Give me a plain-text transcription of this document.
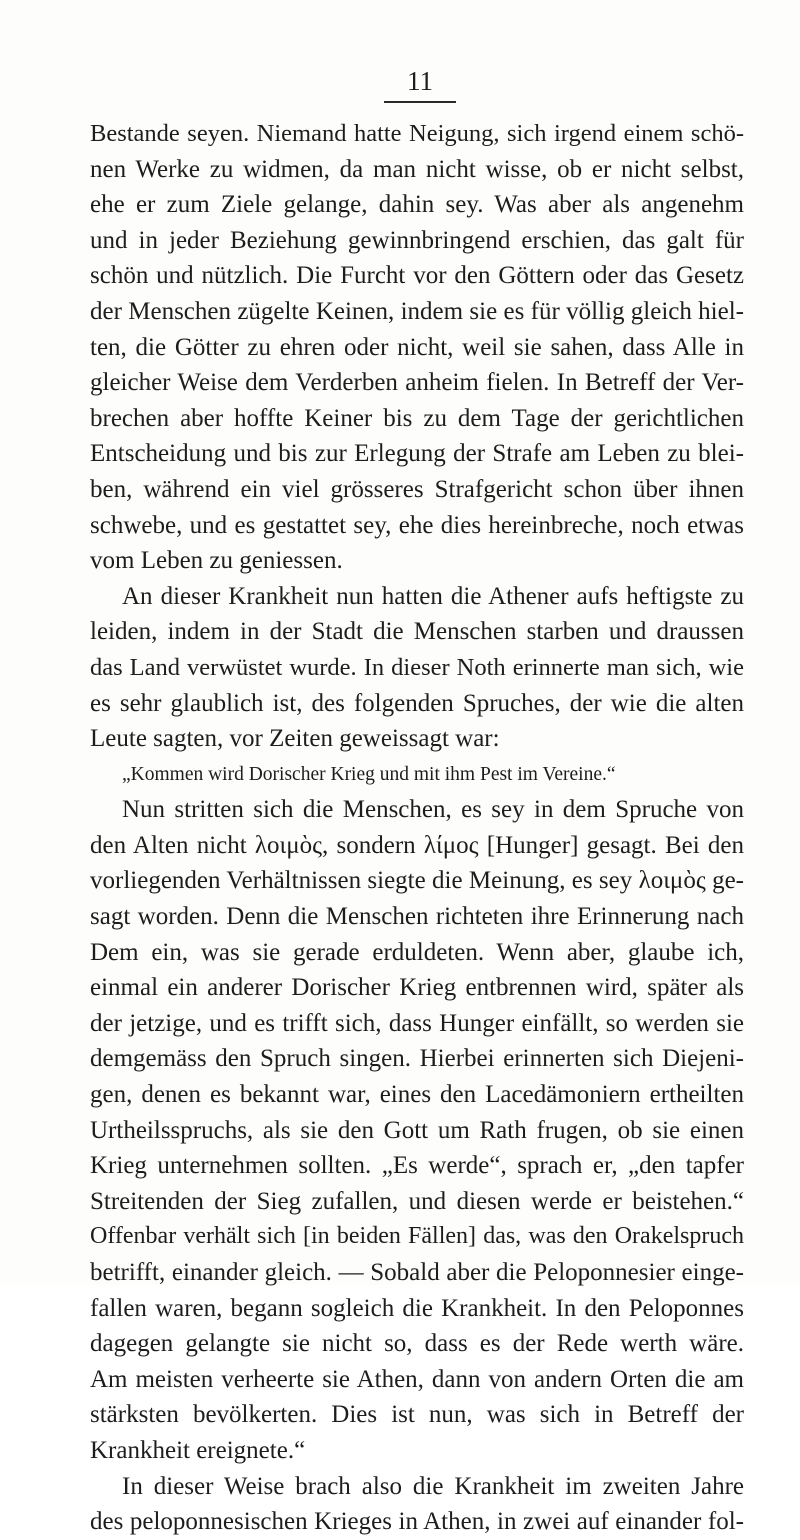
11
Bestande seyen. Niemand hatte Neigung, sich irgend einem schö-
nen Werke zu widmen, da man nicht wisse, ob er nicht selbst,
ehe er zum Ziele gelange, dahin sey. Was aber als angenehm
und in jeder Beziehung gewinnbringend erschien, das galt für
schön und nützlich. Die Furcht vor den Göttern oder das Gesetz
der Menschen zügelte Keinen, indem sie es für völlig gleich hiel-
ten, die Götter zu ehren oder nicht, weil sie sahen, dass Alle in
gleicher Weise dem Verderben anheim fielen. In Betreff der Ver-
brechen aber hoffte Keiner bis zu dem Tage der gerichtlichen
Entscheidung und bis zur Erlegung der Strafe am Leben zu blei-
ben, während ein viel grösseres Strafgericht schon über ihnen
schwebe, und es gestattet sey, ehe dies hereinbreche, noch etwas
vom Leben zu geniessen.
An dieser Krankheit nun hatten die Athener aufs heftigste zu
leiden, indem in der Stadt die Menschen starben und draussen
das Land verwüstet wurde. In dieser Noth erinnerte man sich, wie
es sehr glaublich ist, des folgenden Spruches, der wie die alten
Leute sagten, vor Zeiten geweissagt war:
„Kommen wird Dorischer Krieg und mit ihm Pest im Vereine.“
Nun stritten sich die Menschen, es sey in dem Spruche von
den Alten nicht λοιμὸς, sondern λίμος [Hunger] gesagt. Bei den
vorliegenden Verhältnissen siegte die Meinung, es sey λοιμὸς ge-
sagt worden. Denn die Menschen richteten ihre Erinnerung nach
Dem ein, was sie gerade erduldeten. Wenn aber, glaube ich,
einmal ein anderer Dorischer Krieg entbrennen wird, später als
der jetzige, und es trifft sich, dass Hunger einfällt, so werden sie
demgemäss den Spruch singen. Hierbei erinnerten sich Diejeni-
gen, denen es bekannt war, eines den Lacedämoniern ertheilten
Urtheilsspruchs, als sie den Gott um Rath frugen, ob sie einen
Krieg unternehmen sollten. „Es werde“, sprach er, „den tapfer
Streitenden der Sieg zufallen, und diesen werde er beistehen.“
Offenbar verhält sich [in beiden Fällen] das, was den Orakelspruch
betrifft, einander gleich. — Sobald aber die Peloponnesier einge-
fallen waren, begann sogleich die Krankheit. In den Peloponnes
dagegen gelangte sie nicht so, dass es der Rede werth wäre.
Am meisten verheerte sie Athen, dann von andern Orten die am
stärksten bevölkerten. Dies ist nun, was sich in Betreff der
Krankheit ereignete.“
In dieser Weise brach also die Krankheit im zweiten Jahre
des peloponnesischen Krieges in Athen, in zwei auf einander fol-
